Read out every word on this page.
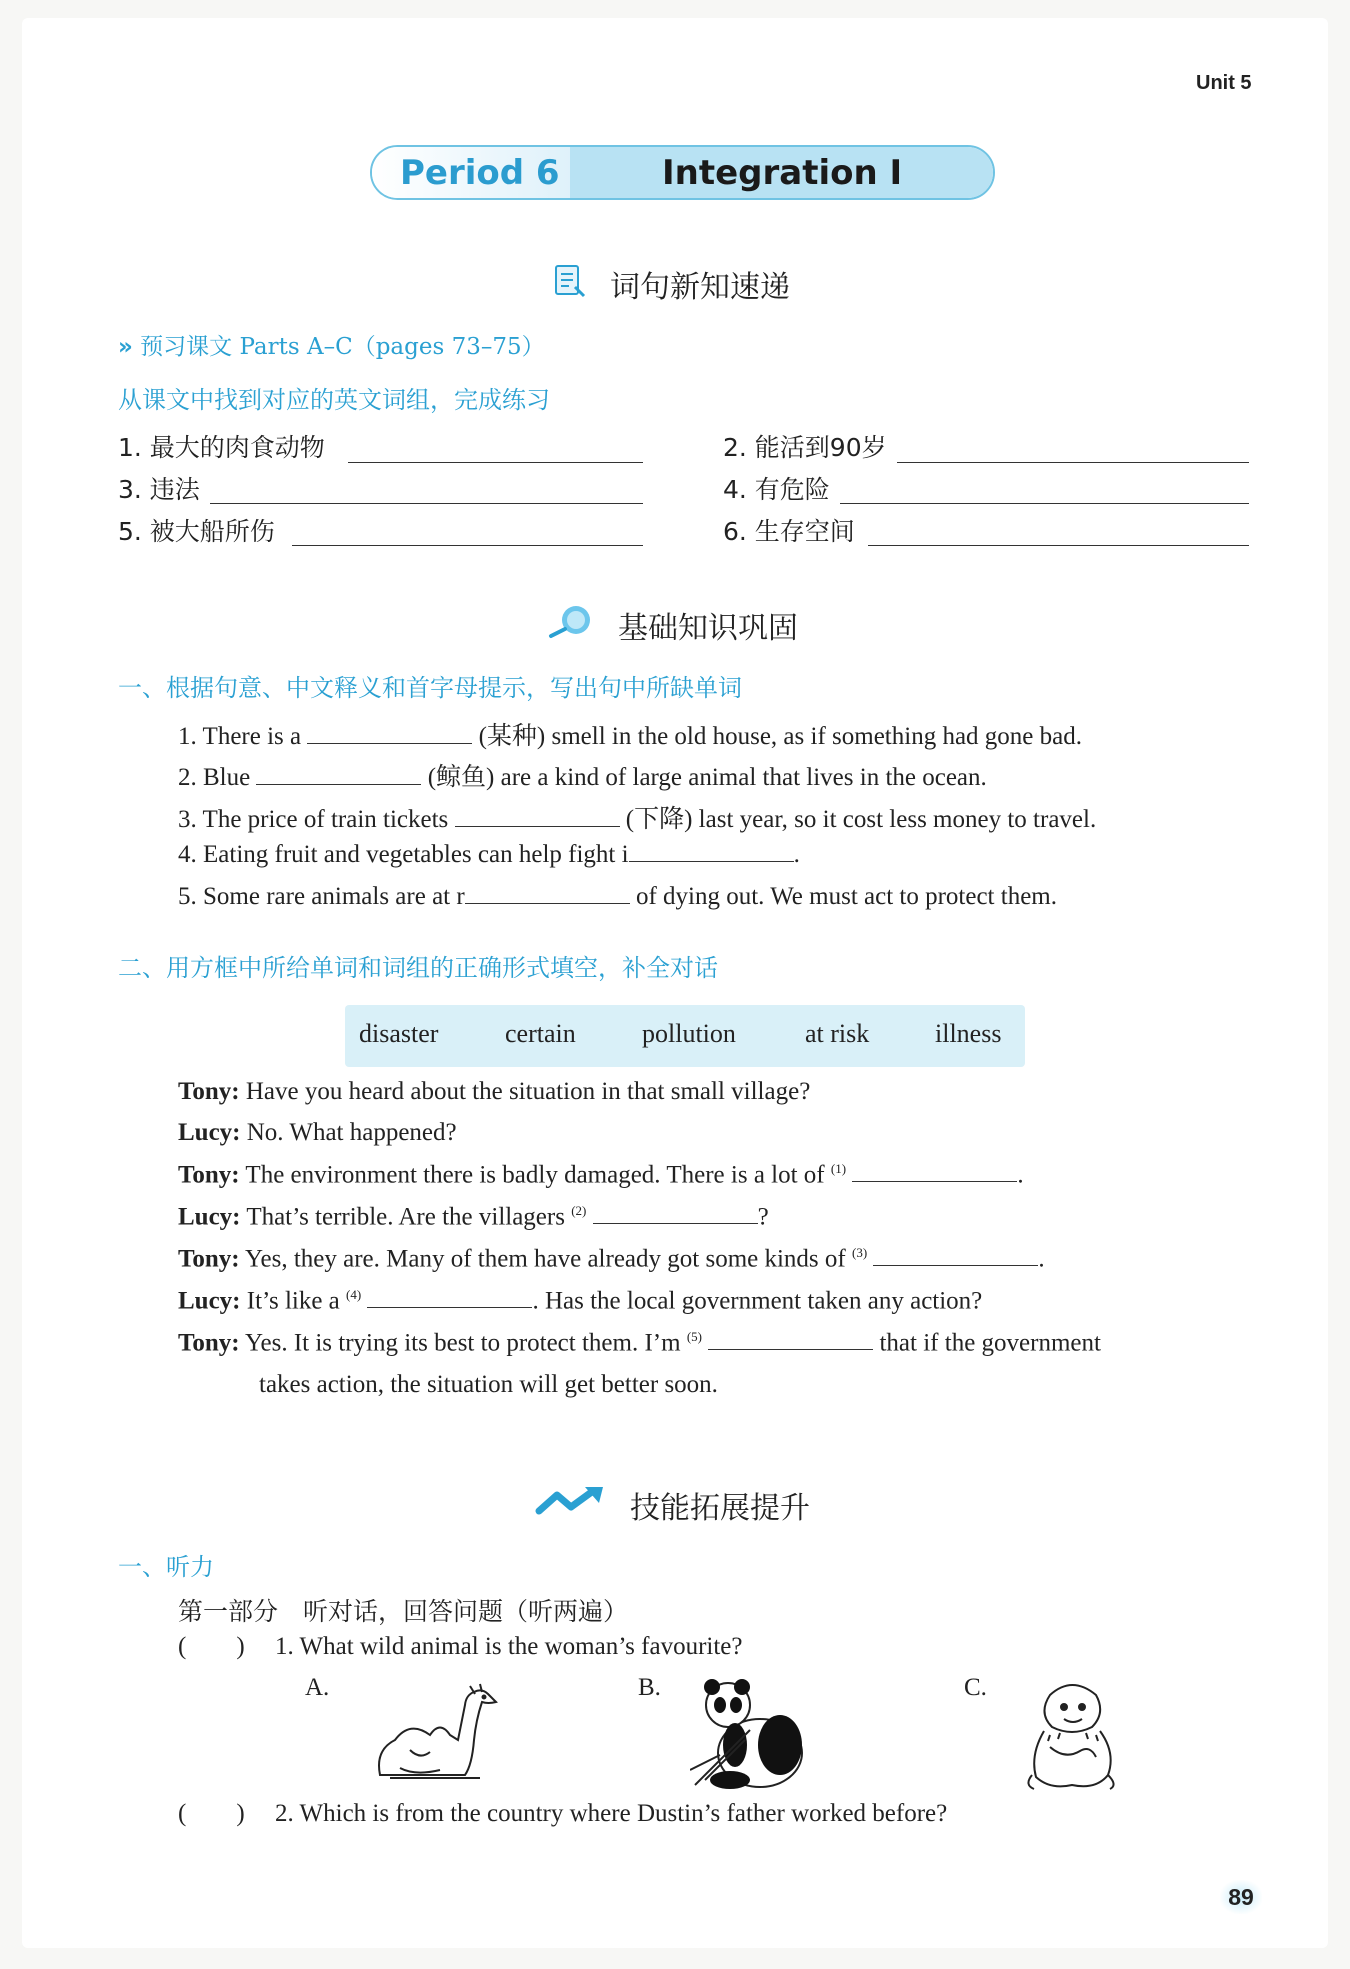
Unit 5
Period 6	Integration I
词句新知速递
» 预习课文 Parts A–C（pages 73–75）
从课文中找到对应的英文词组，完成练习
1. 最大的肉食动物	2. 能活到90岁
3. 违法	4. 有危险
5. 被大船所伤	6. 生存空间
基础知识巩固
一、根据句意、中文释义和首字母提示，写出句中所缺单词
1. There is a	(某种) smell in the old house, as if something had gone bad.
2. Blue	(鲸鱼) are a kind of large animal that lives in the ocean.
3. The price of train tickets	(下降) last year, so it cost less money to travel.
4. Eating fruit and vegetables can help fight i	.
5. Some rare animals are at r	of dying out. We must act to protect them.
二、用方框中所给单词和词组的正确形式填空，补全对话
disaster	certain	pollution	at risk	illness
Tony: Have you heard about the situation in that small village?
Lucy: No. What happened?
Tony: The environment there is badly damaged. There is a lot of $^{(1)}$	.
Lucy: That’s terrible. Are the villagers $^{(2)}$	?
Tony: Yes, they are. Many of them have already got some kinds of $^{(3)}$	.
Lucy: It’s like a $^{(4)}$	. Has the local government taken any action?
Tony: Yes. It is trying its best to protect them. I’m $^{(5)}$	that if the government
takes action, the situation will get better soon.
技能拓展提升
一、听力
第一部分　听对话，回答问题（听两遍）
( ) 1. What wild animal is the woman’s favourite?
A.	B.	C.
( ) 2. Which is from the country where Dustin’s father worked before?
89
